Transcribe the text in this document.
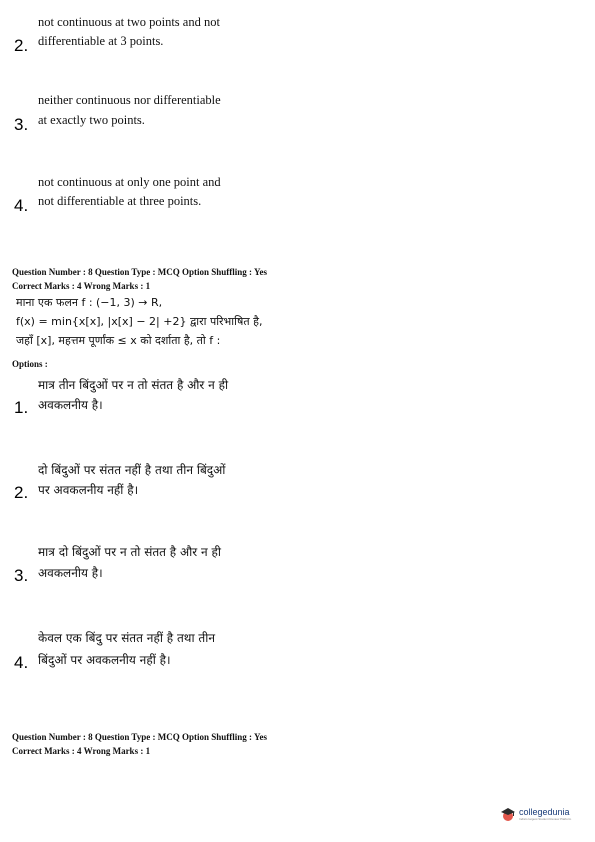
not continuous at two points and not
2. differentiable at 3 points.
neither continuous nor differentiable
3. at exactly two points.
not continuous at only one point and
4. not differentiable at three points.
Question Number : 8 Question Type : MCQ Option Shuffling : Yes
Correct Marks : 4 Wrong Marks : 1
माना एक फलन f : (−1, 3) → R,
f(x) = min{x[x], |x[x] − 2| +2} द्वारा परिभाषित है,
जहाँ [x], महत्तम पूर्णांक ≤ x को दर्शाता है, तो f :
Options :
मात्र तीन बिंदुओं पर न तो संतत है और न ही
1. अवकलनीय है।
दो बिंदुओं पर संतत नहीं है तथा तीन बिंदुओं
2. पर अवकलनीय नहीं है।
मात्र दो बिंदुओं पर न तो संतत है और न ही
3. अवकलनीय है।
केवल एक बिंदु पर संतत नहीं है तथा तीन
4. बिंदुओं पर अवकलनीय नहीं है।
Question Number : 8 Question Type : MCQ Option Shuffling : Yes
Correct Marks : 4 Wrong Marks : 1
collegedunia
India's largest Student Review Platform
